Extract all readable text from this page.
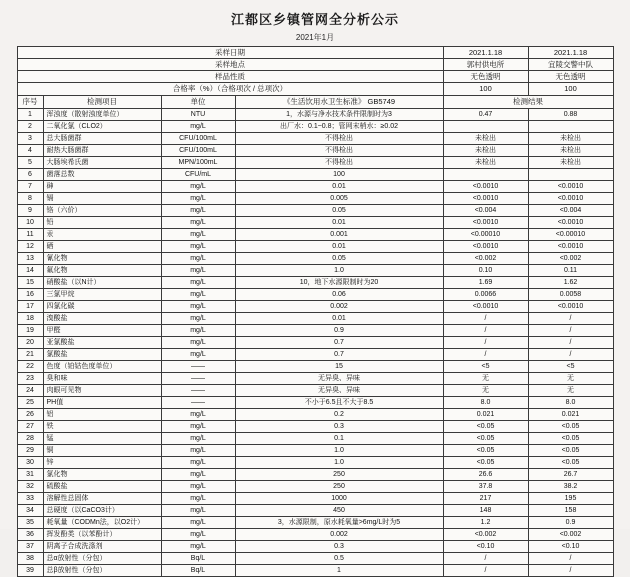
江都区乡镇管网全分析公示
2021年1月
采样日期				2021.1.18	2021.1.18
采样地点				郭村供电所	宜陵交警中队
样品性质				无色透明	无色透明
合格率（%）（合格项次 / 总项次）				100	100
序号	检测项目	单位	《生活饮用水卫生标准》 GB5749	检测结果	
1	浑浊度（散射浊度单位）	NTU	1，水源与净水技术条件限制时为3	0.47	0.88
2	二氧化氯（CLO2）	mg/L	出厂水：0.1~0.8；管网末梢水：≥0.02		
3	总大肠菌群	CFU/100mL	不得检出	未检出	未检出
4	耐热大肠菌群	CFU/100mL	不得检出	未检出	未检出
5	大肠埃希氏菌	MPN/100mL	不得检出	未检出	未检出
6	菌落总数	CFU/mL	100		
7	砷	mg/L	0.01	<0.0010	<0.0010
8	镉	mg/L	0.005	<0.0010	<0.0010
9	铬（六价）	mg/L	0.05	<0.004	<0.004
10	铅	mg/L	0.01	<0.0010	<0.0010
11	汞	mg/L	0.001	<0.00010	<0.00010
12	硒	mg/L	0.01	<0.0010	<0.0010
13	氰化物	mg/L	0.05	<0.002	<0.002
14	氟化物	mg/L	1.0	0.10	0.11
15	硝酸盐（以N计）	mg/L	10，地下水源限制时为20	1.69	1.62
16	三氯甲烷	mg/L	0.06	0.0066	0.0058
17	四氯化碳	mg/L	0.002	<0.0010	<0.0010
18	溴酸盐	mg/L	0.01	/	/
19	甲醛	mg/L	0.9	/	/
20	亚氯酸盐	mg/L	0.7	/	/
21	氯酸盐	mg/L	0.7	/	/
22	色度（铂钴色度单位）	——	15	<5	<5
23	臭和味	——	无异臭、异味	无	无
24	肉眼可见物	——	无异臭、异味	无	无
25	PH值	——	不小于6.5且不大于8.5	8.0	8.0
26	铝	mg/L	0.2	0.021	0.021
27	铁	mg/L	0.3	<0.05	<0.05
28	锰	mg/L	0.1	<0.05	<0.05
29	铜	mg/L	1.0	<0.05	<0.05
30	锌	mg/L	1.0	<0.05	<0.05
31	氯化物	mg/L	250	26.6	26.7
32	硫酸盐	mg/L	250	37.8	38.2
33	溶解性总固体	mg/L	1000	217	195
34	总硬度（以CaCO3计）	mg/L	450	148	158
35	耗氧量（CODMn法，以O2计）	mg/L	3，水源限制，原水耗氧量>6mg/L时为5	1.2	0.9
36	挥发酚类（以苯酚计）	mg/L	0.002	<0.002	<0.002
37	阴离子合成洗涤剂	mg/L	0.3	<0.10	<0.10
38	总α放射性（分包）	Bq/L	0.5	/	/
39	总β放射性（分包）	Bq/L	1	/	/
